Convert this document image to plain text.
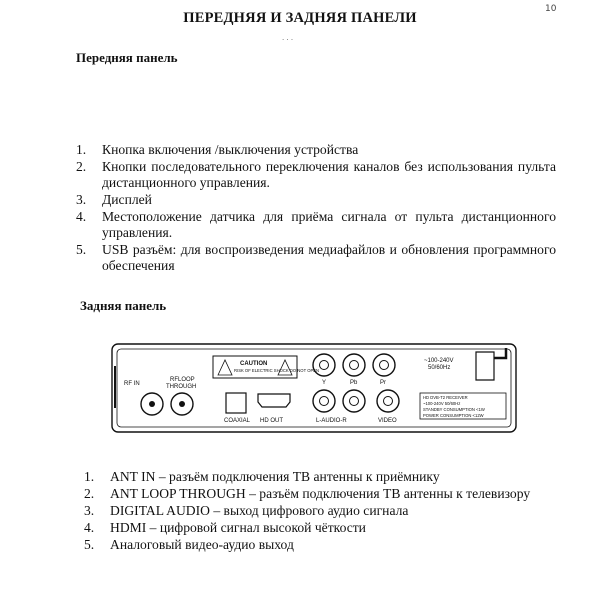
10
ПЕРЕДНЯЯ И ЗАДНЯЯ ПАНЕЛИ
. . .
Передняя панель
1.	Кнопка включения /выключения устройства
2.	Кнопки последовательного переключения каналов без использования пульта дистанционного управления.
3.	Дисплей
4.	Местоположение датчика для приёма сигнала от пульта дистанционного управления.
5.	USB разъём: для воспроизведения медиафайлов и обновления программного обеспечения
Задняя панель
RF IN
RFLOOP
THROUGH
CAUTION
RISK OF ELECTRIC SHOCK DO NOT OPEN
COAXIAL HD OUT
Y	Pb	Pr
L-AUDIO-R	VIDEO
~100-240V
50/60Hz
HD DVB-T2 RECEIVER
~100-240V 50/60Hz
STANDBY CONSUMPTION <1W
POWER CONSUMPTION <12W
1.	ANT IN – разъём подключения ТВ антенны к приёмнику
2.	ANT LOOP THROUGH – разъём подключения ТВ антенны к телевизору
3.	DIGITAL AUDIO – выход цифрового аудио сигнала
4.	HDMI – цифровой сигнал высокой чёткости
5.	Аналоговый видео-аудио выход
